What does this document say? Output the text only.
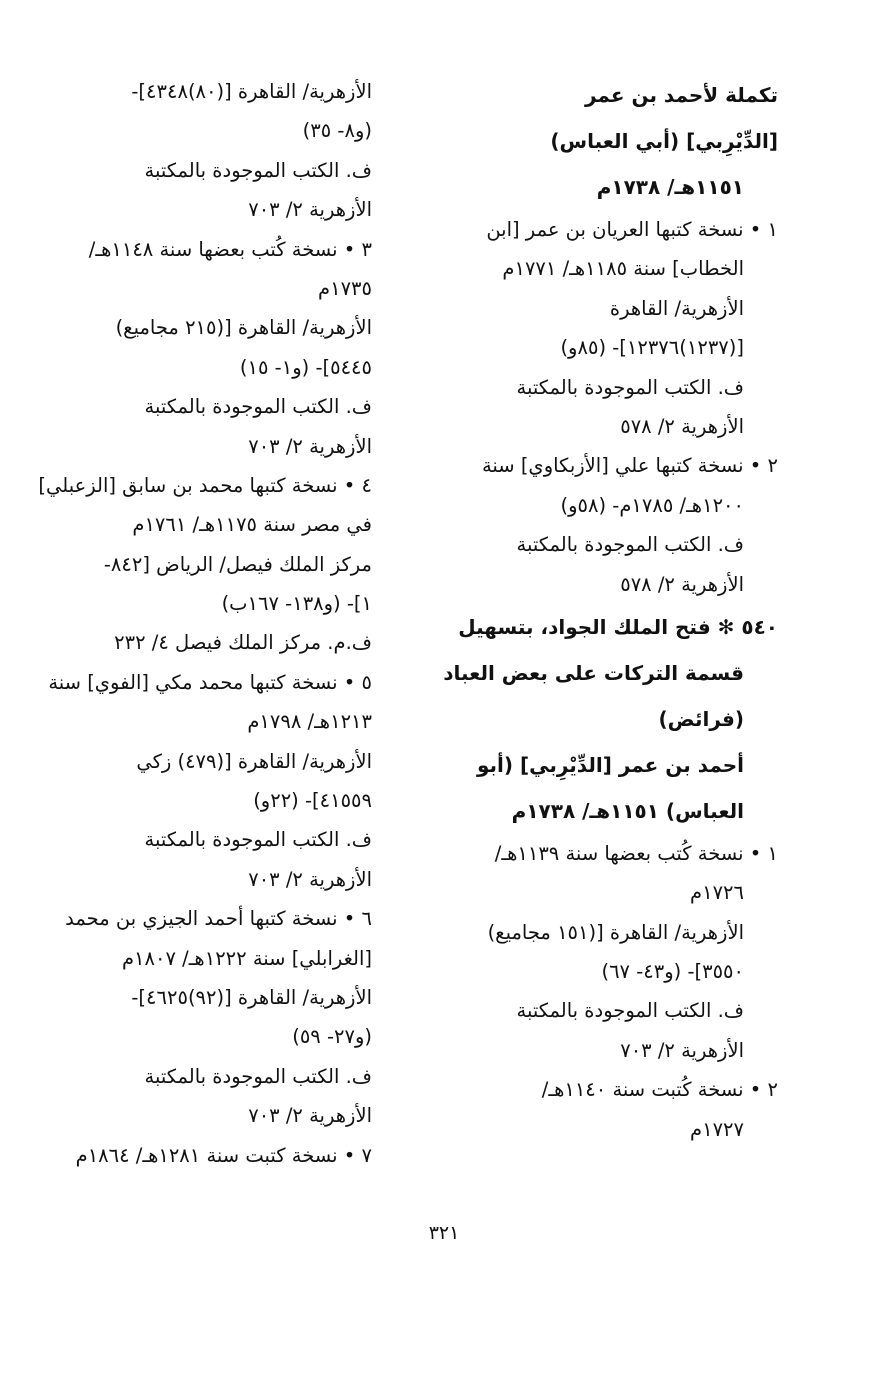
تكملة لأحمد بن عمر
[الدِّيْرِبي] (أبي العباس)
١١٥١هـ/ ١٧٣٨م
١ • نسخة كتبها العريان بن عمر [ابن
الخطاب] سنة ١١٨٥هـ/ ١٧٧١م
الأزهرية/ القاهرة
[(١٢٣٧)١٢٣٧٦]- (٨٥و)
ف. الكتب الموجودة بالمكتبة
الأزهرية ٢/ ٥٧٨
٢ • نسخة كتبها علي [الأزبكاوي] سنة
١٢٠٠هـ/ ١٧٨٥م- (٥٨و)
ف. الكتب الموجودة بالمكتبة
الأزهرية ٢/ ٥٧٨
٥٤٠ ✻ فتح الملك الجواد، بتسهيل
قسمة التركات على بعض العباد
(فرائض)
أحمد بن عمر [الدِّيْرِبي] (أبو
العباس) ١١٥١هـ/ ١٧٣٨م
١ • نسخة كُتب بعضها سنة ١١٣٩هـ/
١٧٢٦م
الأزهرية/ القاهرة [(١٥١ مجاميع)
٣٥٥٠]- (و٤٣- ٦٧)
ف. الكتب الموجودة بالمكتبة
الأزهرية ٢/ ٧٠٣
٢ • نسخة كُتبت سنة ١١٤٠هـ/
١٧٢٧م
الأزهرية/ القاهرة [(٨٠)٤٣٤٨]-
(و٨- ٣٥)
ف. الكتب الموجودة بالمكتبة
الأزهرية ٢/ ٧٠٣
٣ • نسخة كُتب بعضها سنة ١١٤٨هـ/
١٧٣٥م
الأزهرية/ القاهرة [(٢١٥ مجاميع)
٥٤٤٥]- (و١- ١٥)
ف. الكتب الموجودة بالمكتبة
الأزهرية ٢/ ٧٠٣
٤ • نسخة كتبها محمد بن سابق [الزعبلي]
في مصر سنة ١١٧٥هـ/ ١٧٦١م
مركز الملك فيصل/ الرياض [٨٤٢-
١]- (و١٣٨- ١٦٧ب)
ف.م. مركز الملك فيصل ٤/ ٢٣٢
٥ • نسخة كتبها محمد مكي [الفوي] سنة
١٢١٣هـ/ ١٧٩٨م
الأزهرية/ القاهرة [(٤٧٩) زكي
٤١٥٥٩]- (٢٢و)
ف. الكتب الموجودة بالمكتبة
الأزهرية ٢/ ٧٠٣
٦ • نسخة كتبها أحمد الجيزي بن محمد
[الغرابلي] سنة ١٢٢٢هـ/ ١٨٠٧م
الأزهرية/ القاهرة [(٩٢)٤٦٢٥]-
(و٢٧- ٥٩)
ف. الكتب الموجودة بالمكتبة
الأزهرية ٢/ ٧٠٣
٧ • نسخة كتبت سنة ١٢٨١هـ/ ١٨٦٤م
٣٢١
